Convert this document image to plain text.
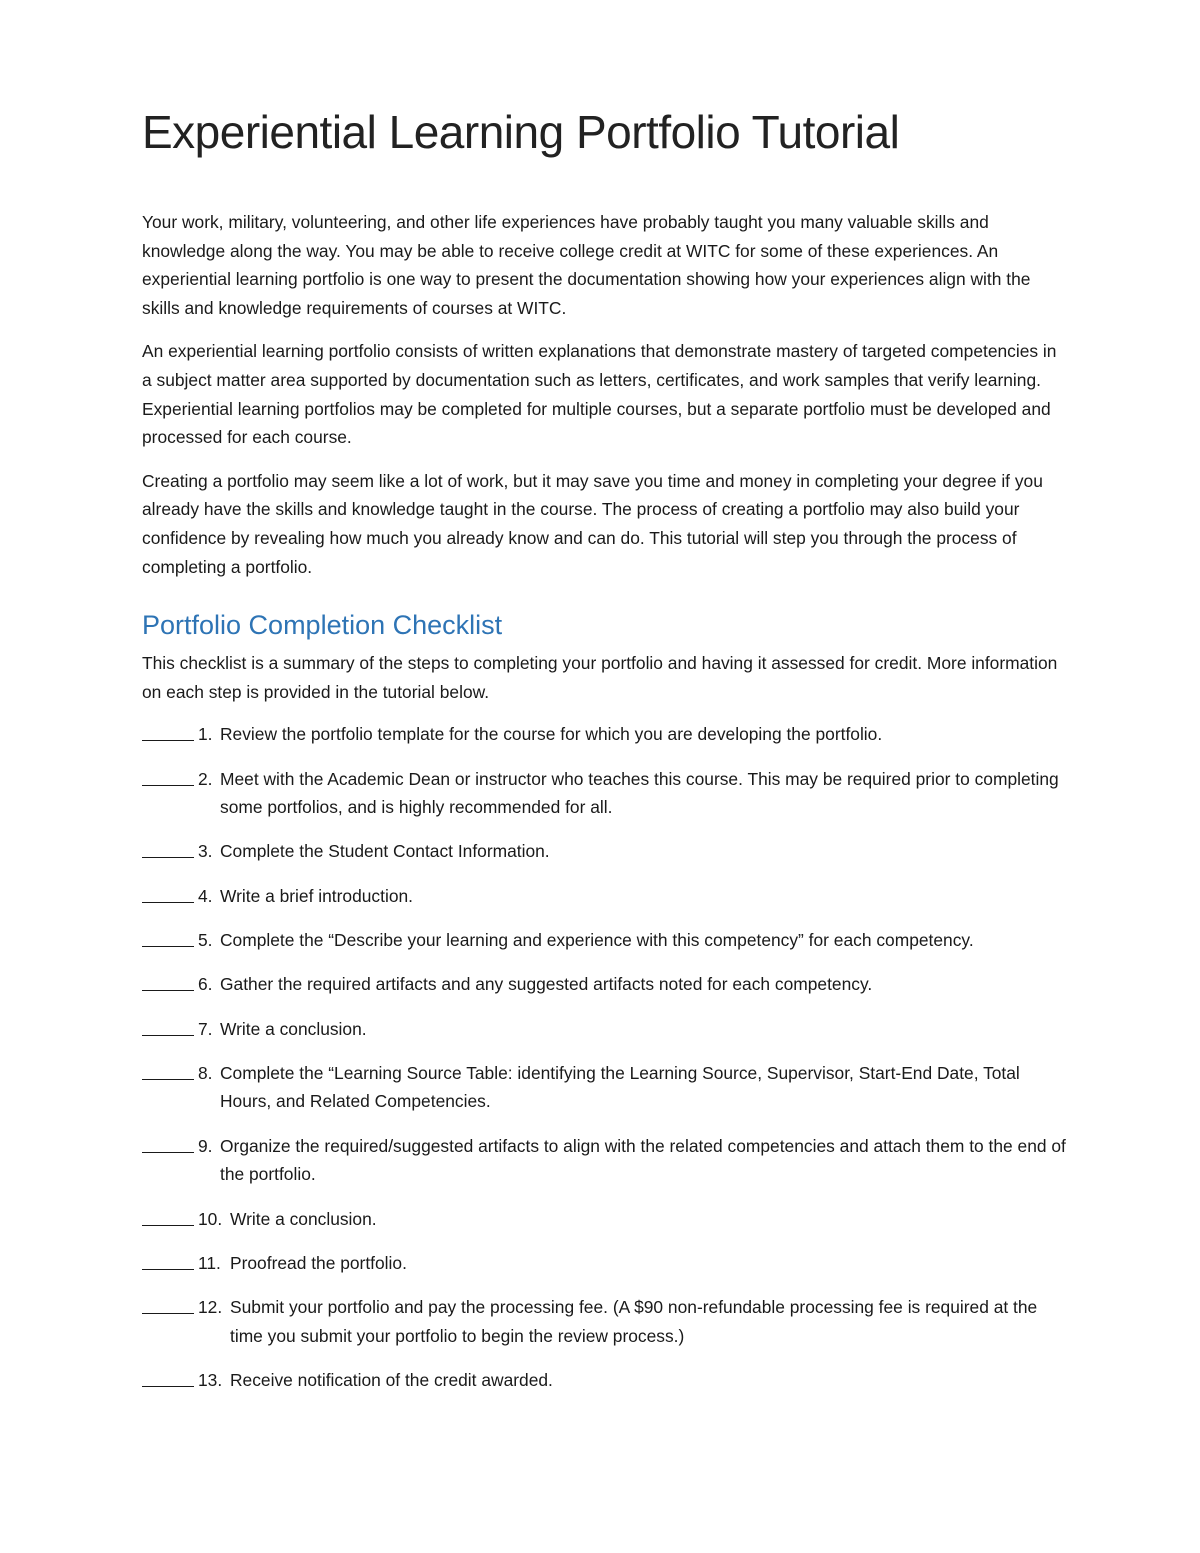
Experiential Learning Portfolio Tutorial

Your work, military, volunteering, and other life experiences have probably taught you many valuable skills and knowledge along the way. You may be able to receive college credit at WITC for some of these experiences. An experiential learning portfolio is one way to present the documentation showing how your experiences align with the skills and knowledge requirements of courses at WITC.

An experiential learning portfolio consists of written explanations that demonstrate mastery of targeted competencies in a subject matter area supported by documentation such as letters, certificates, and work samples that verify learning. Experiential learning portfolios may be completed for multiple courses, but a separate portfolio must be developed and processed for each course.

Creating a portfolio may seem like a lot of work, but it may save you time and money in completing your degree if you already have the skills and knowledge taught in the course. The process of creating a portfolio may also build your confidence by revealing how much you already know and can do. This tutorial will step you through the process of completing a portfolio.

Portfolio Completion Checklist

This checklist is a summary of the steps to completing your portfolio and having it assessed for credit. More information on each step is provided in the tutorial below.

1. Review the portfolio template for the course for which you are developing the portfolio.
2. Meet with the Academic Dean or instructor who teaches this course. This may be required prior to completing some portfolios, and is highly recommended for all.
3. Complete the Student Contact Information.
4. Write a brief introduction.
5. Complete the “Describe your learning and experience with this competency” for each competency.
6. Gather the required artifacts and any suggested artifacts noted for each competency.
7. Write a conclusion.
8. Complete the “Learning Source Table: identifying the Learning Source, Supervisor, Start-End Date, Total Hours, and Related Competencies.
9. Organize the required/suggested artifacts to align with the related competencies and attach them to the end of the portfolio.
10. Write a conclusion.
11. Proofread the portfolio.
12. Submit your portfolio and pay the processing fee. (A $90 non-refundable processing fee is required at the time you submit your portfolio to begin the review process.)
13. Receive notification of the credit awarded.
